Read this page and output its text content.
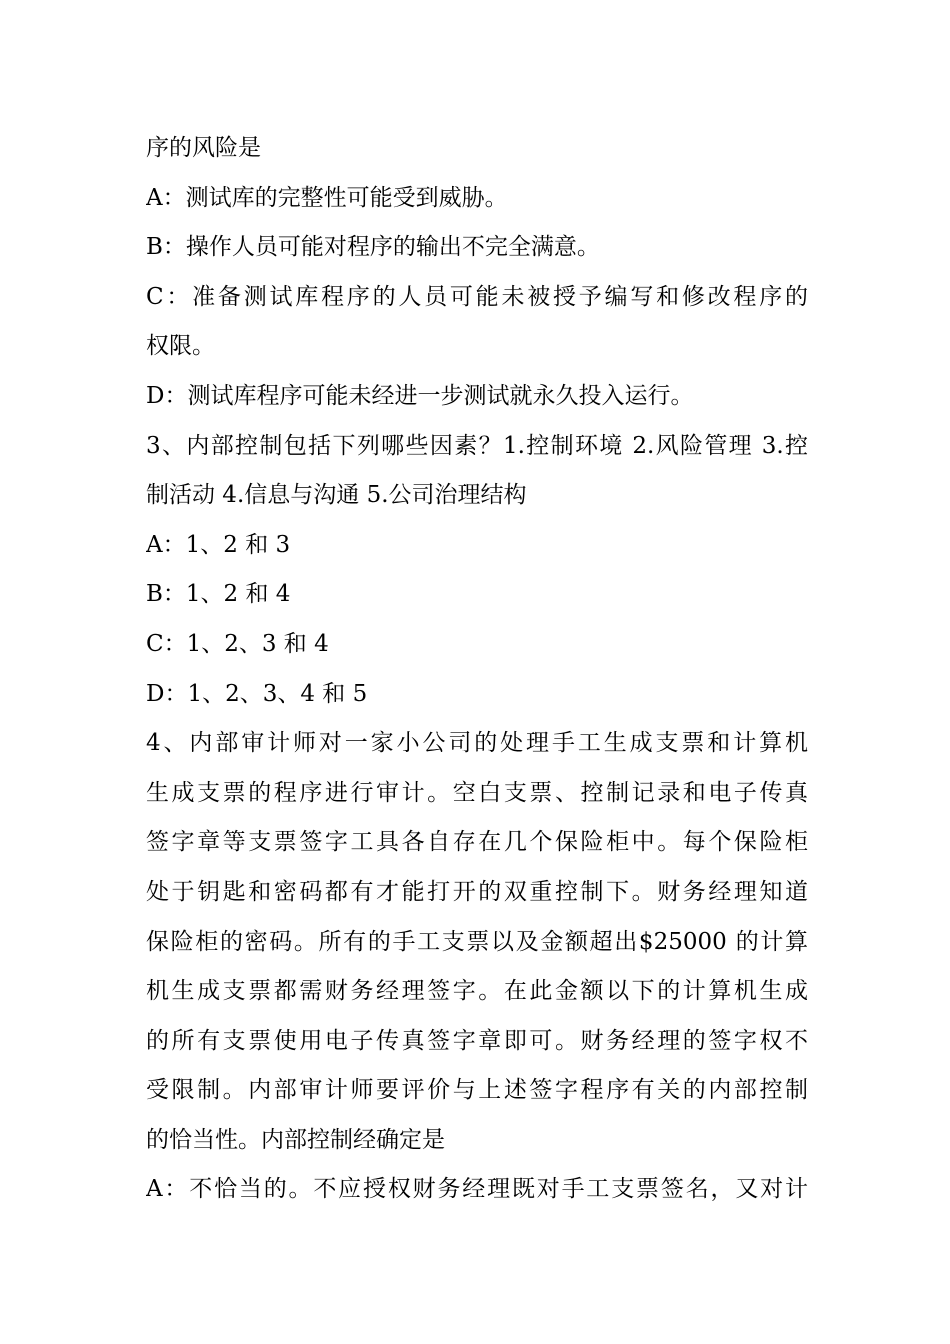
序的风险是
A：测试库的完整性可能受到威胁。
B：操作人员可能对程序的输出不完全满意。
C：准备测试库程序的人员可能未被授予编写和修改程序的
权限。
D：测试库程序可能未经进一步测试就永久投入运行。
3、内部控制包括下列哪些因素？1.控制环境 2.风险管理 3.控
制活动 4.信息与沟通 5.公司治理结构
A：1、2 和 3
B：1、2 和 4
C：1、2、3 和 4
D：1、2、3、4 和 5
4、内部审计师对一家小公司的处理手工生成支票和计算机
生成支票的程序进行审计。空白支票、控制记录和电子传真
签字章等支票签字工具各自存在几个保险柜中。每个保险柜
处于钥匙和密码都有才能打开的双重控制下。财务经理知道
保险柜的密码。所有的手工支票以及金额超出$25000 的计算
机生成支票都需财务经理签字。在此金额以下的计算机生成
的所有支票使用电子传真签字章即可。财务经理的签字权不
受限制。内部审计师要评价与上述签字程序有关的内部控制
的恰当性。内部控制经确定是
A：不恰当的。不应授权财务经理既对手工支票签名，又对计
